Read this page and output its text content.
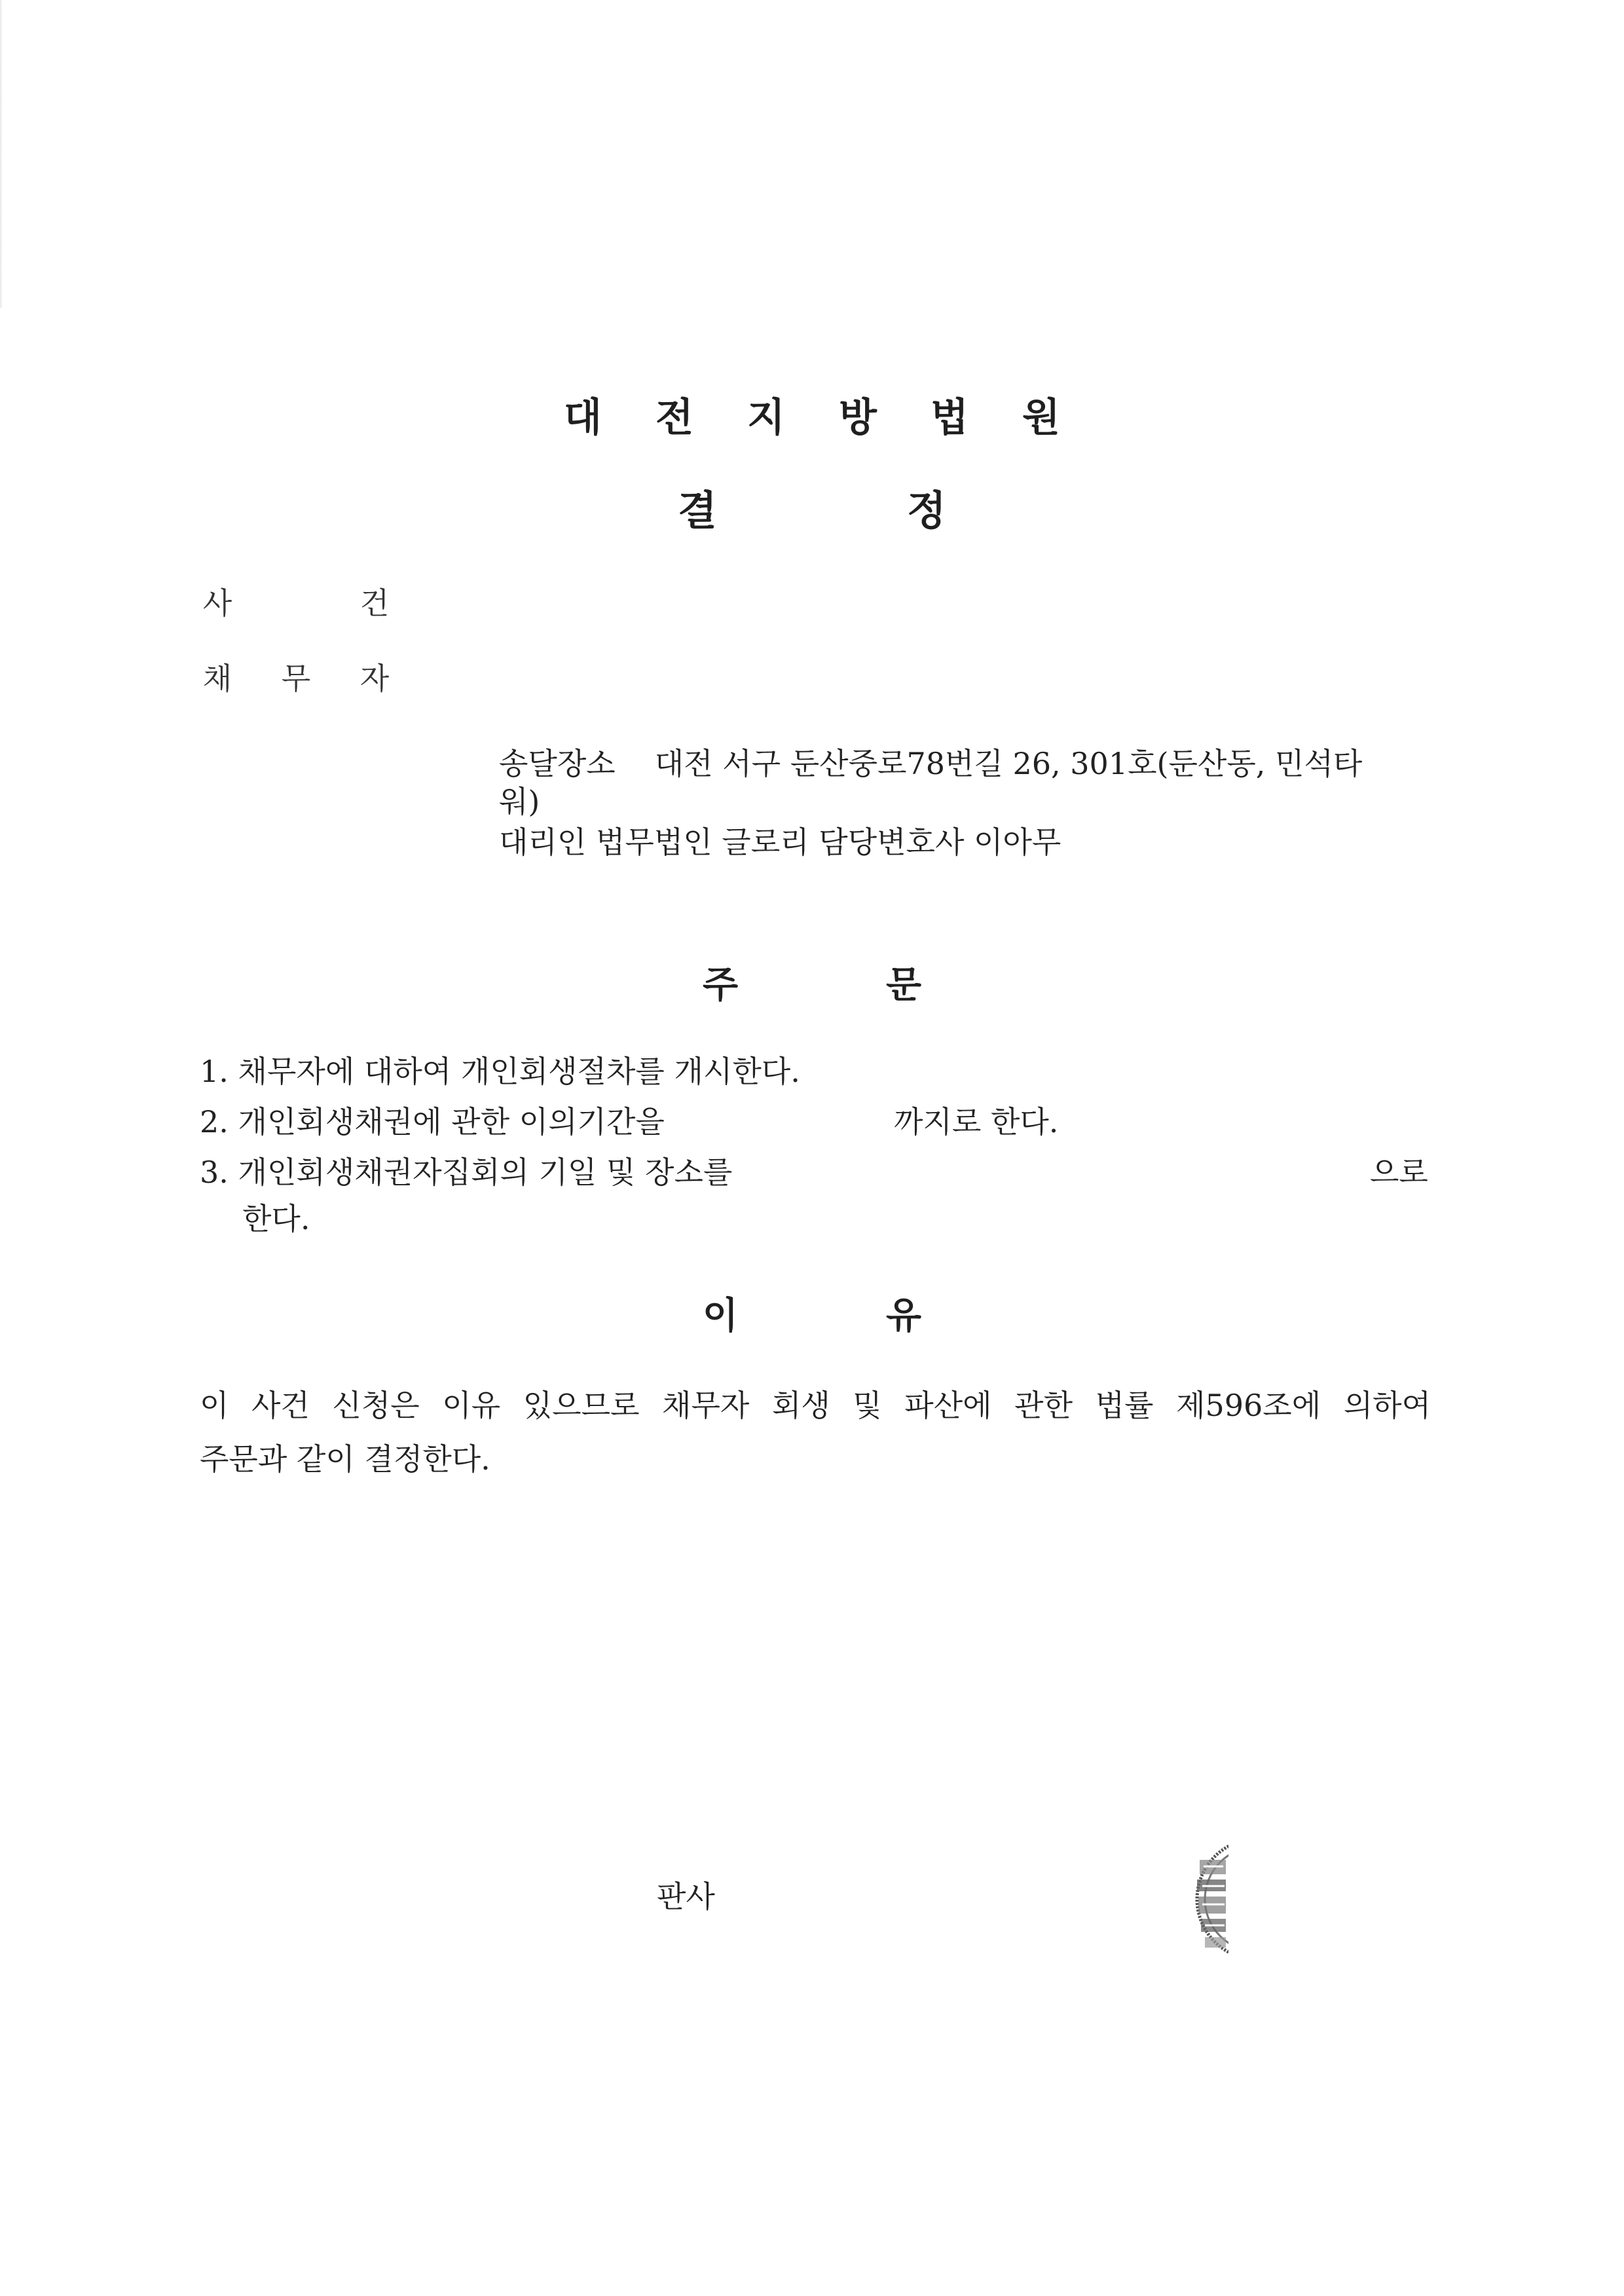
대 전 지 방 법 원
결	정
사	건
채 무 자
송달장소 대전 서구 둔산중로78번길 26, 301호(둔산동, 민석타
워)
대리인 법무법인 글로리 담당변호사 이아무
주	문
1. 채무자에 대하여 개인회생절차를 개시한다.
2. 개인회생채권에 관한 이의기간을	까지로 한다.
3. 개인회생채권자집회의 기일 및 장소를	으로
한다.
이	유
이 사건 신청은 이유 있으므로 채무자 회생 및 파산에 관한 법률 제596조에 의하여
주문과 같이 결정한다.
판사
